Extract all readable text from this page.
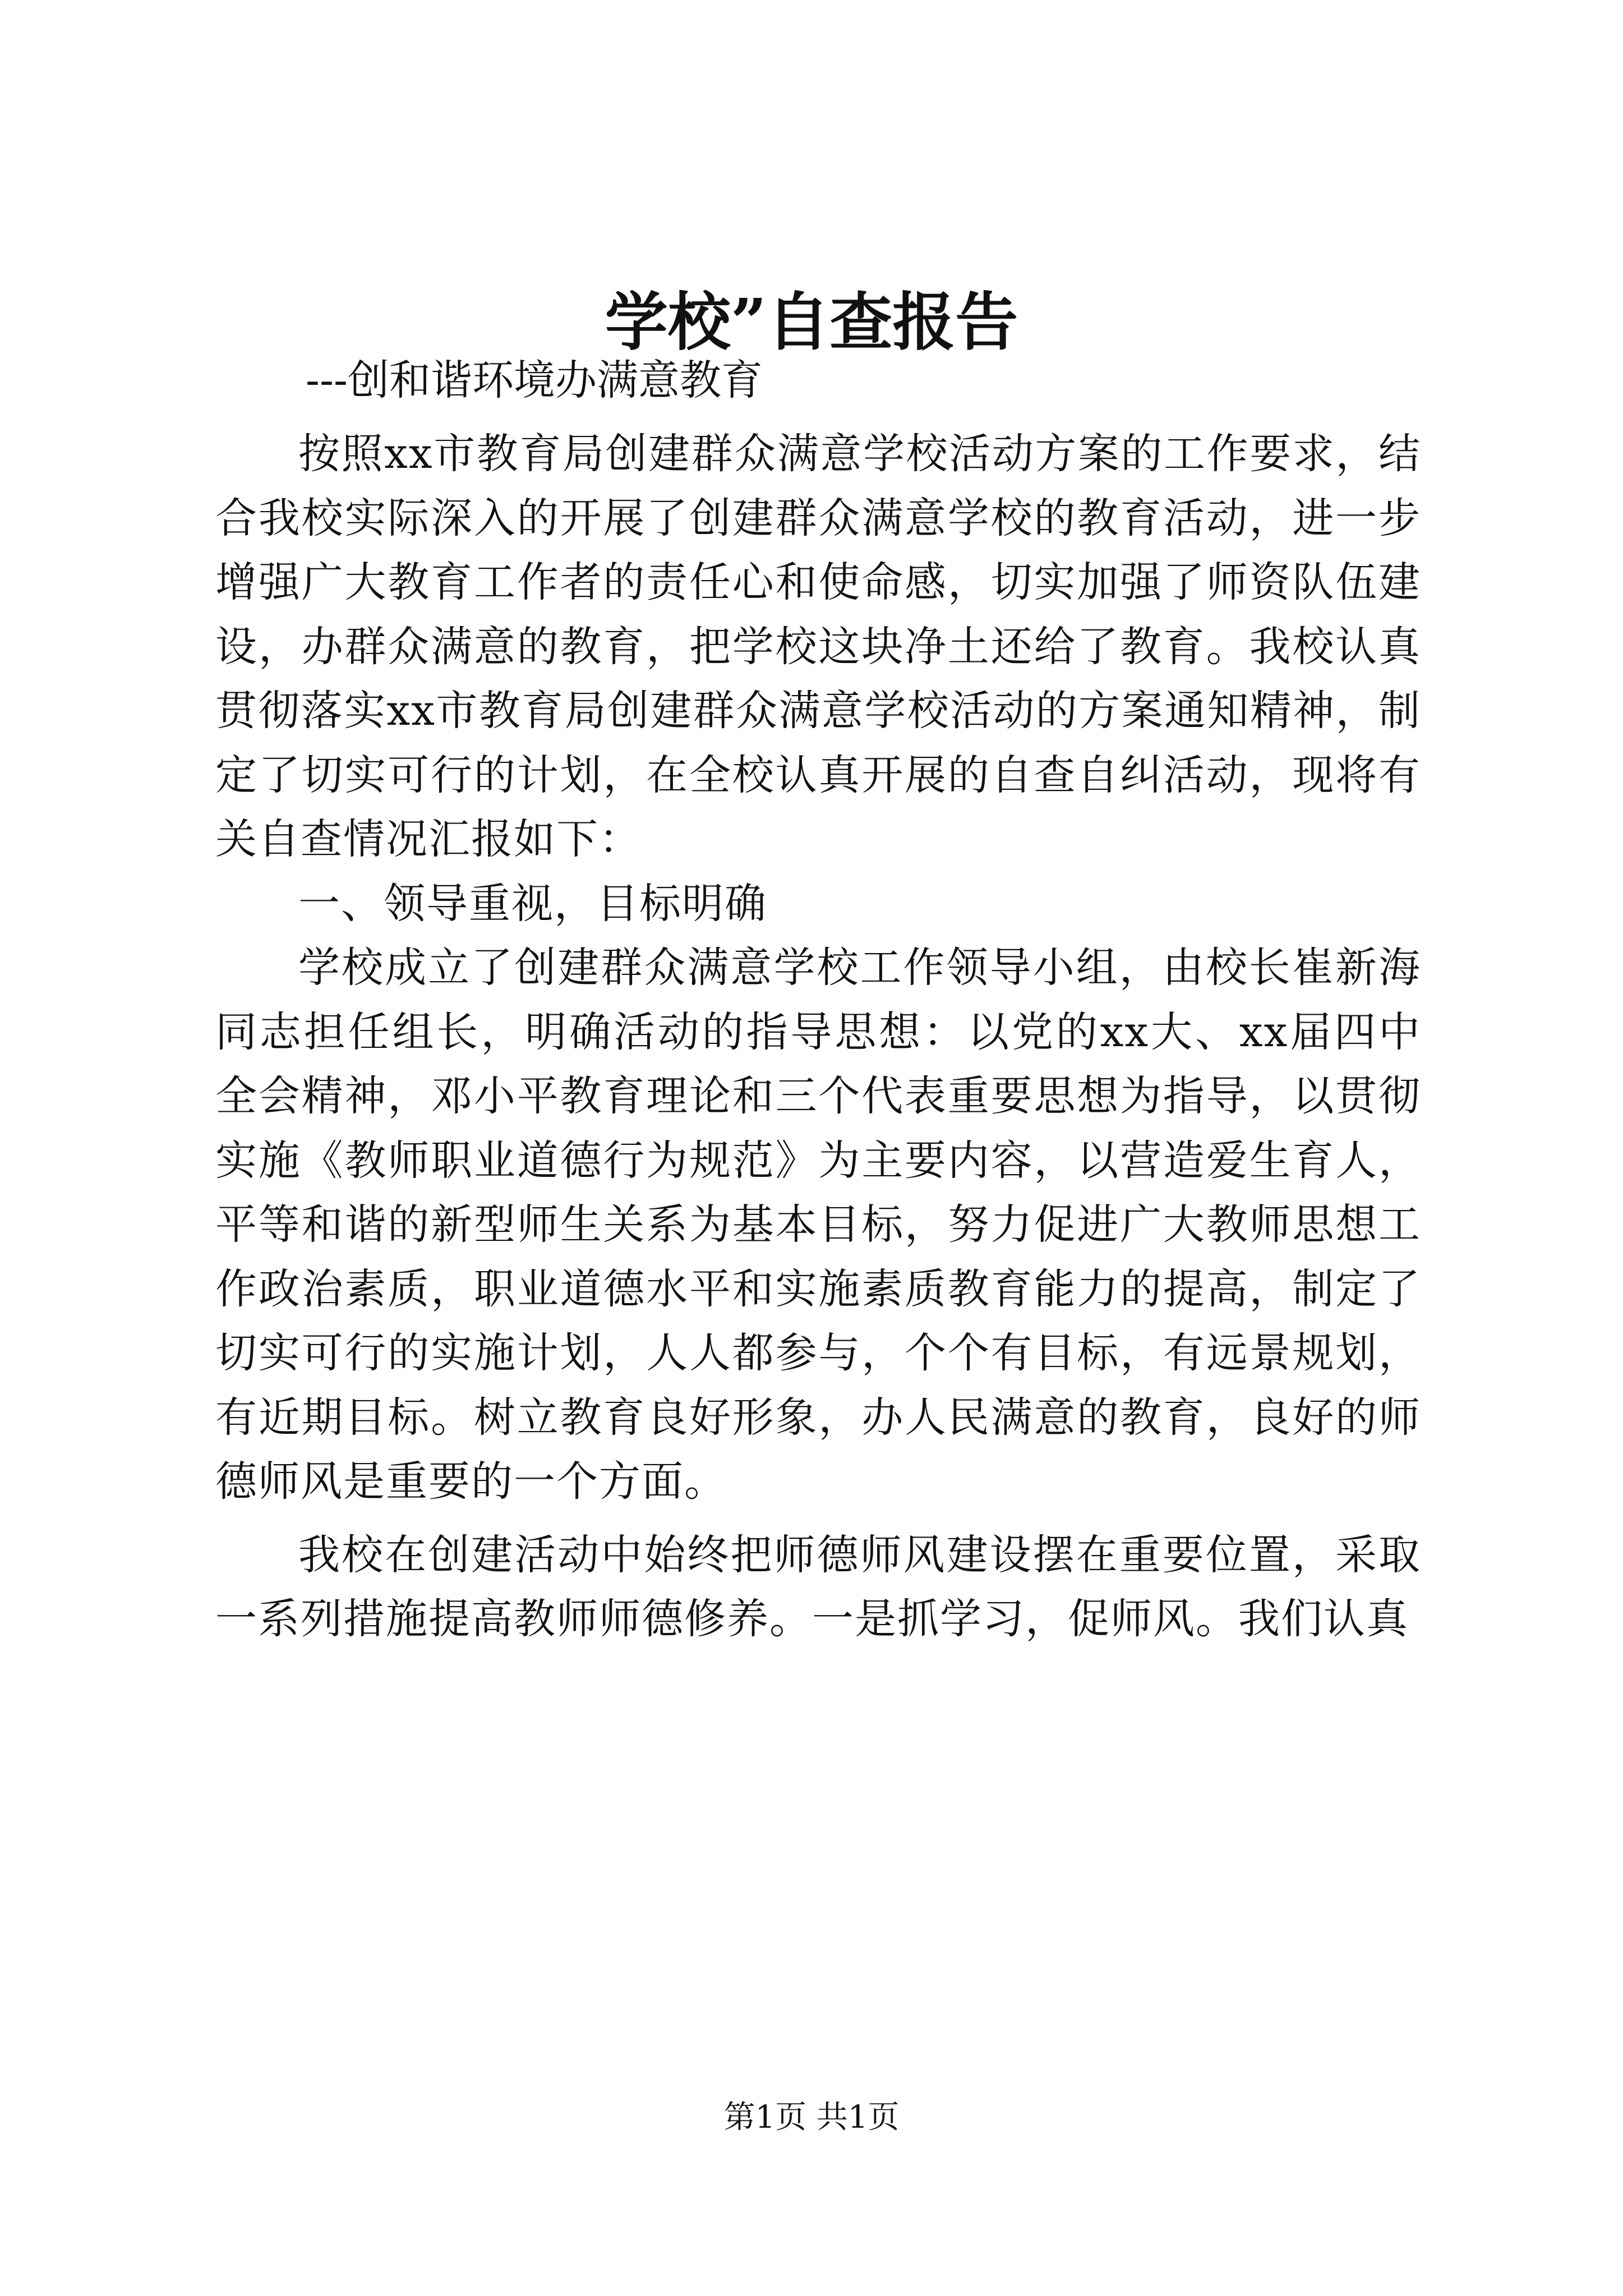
学校”自查报告
---创和谐环境办满意教育

按照xx市教育局创建群众满意学校活动方案的工作要求，结合我校实际深入的开展了创建群众满意学校的教育活动，进一步增强广大教育工作者的责任心和使命感，切实加强了师资队伍建设，办群众满意的教育，把学校这块净土还给了教育。我校认真贯彻落实xx市教育局创建群众满意学校活动的方案通知精神，制定了切实可行的计划，在全校认真开展的自查自纠活动，现将有关自查情况汇报如下：

一、领导重视，目标明确

学校成立了创建群众满意学校工作领导小组，由校长崔新海同志担任组长，明确活动的指导思想：以党的xx大、xx届四中全会精神，邓小平教育理论和三个代表重要思想为指导，以贯彻实施《教师职业道德行为规范》为主要内容，以营造爱生育人，平等和谐的新型师生关系为基本目标，努力促进广大教师思想工作政治素质，职业道德水平和实施素质教育能力的提高，制定了切实可行的实施计划，人人都参与，个个有目标，有远景规划，有近期目标。树立教育良好形象，办人民满意的教育，良好的师德师风是重要的一个方面。

我校在创建活动中始终把师德师风建设摆在重要位置，采取一系列措施提高教师师德修养。一是抓学习，促师风。我们认真

第1页 共1页
